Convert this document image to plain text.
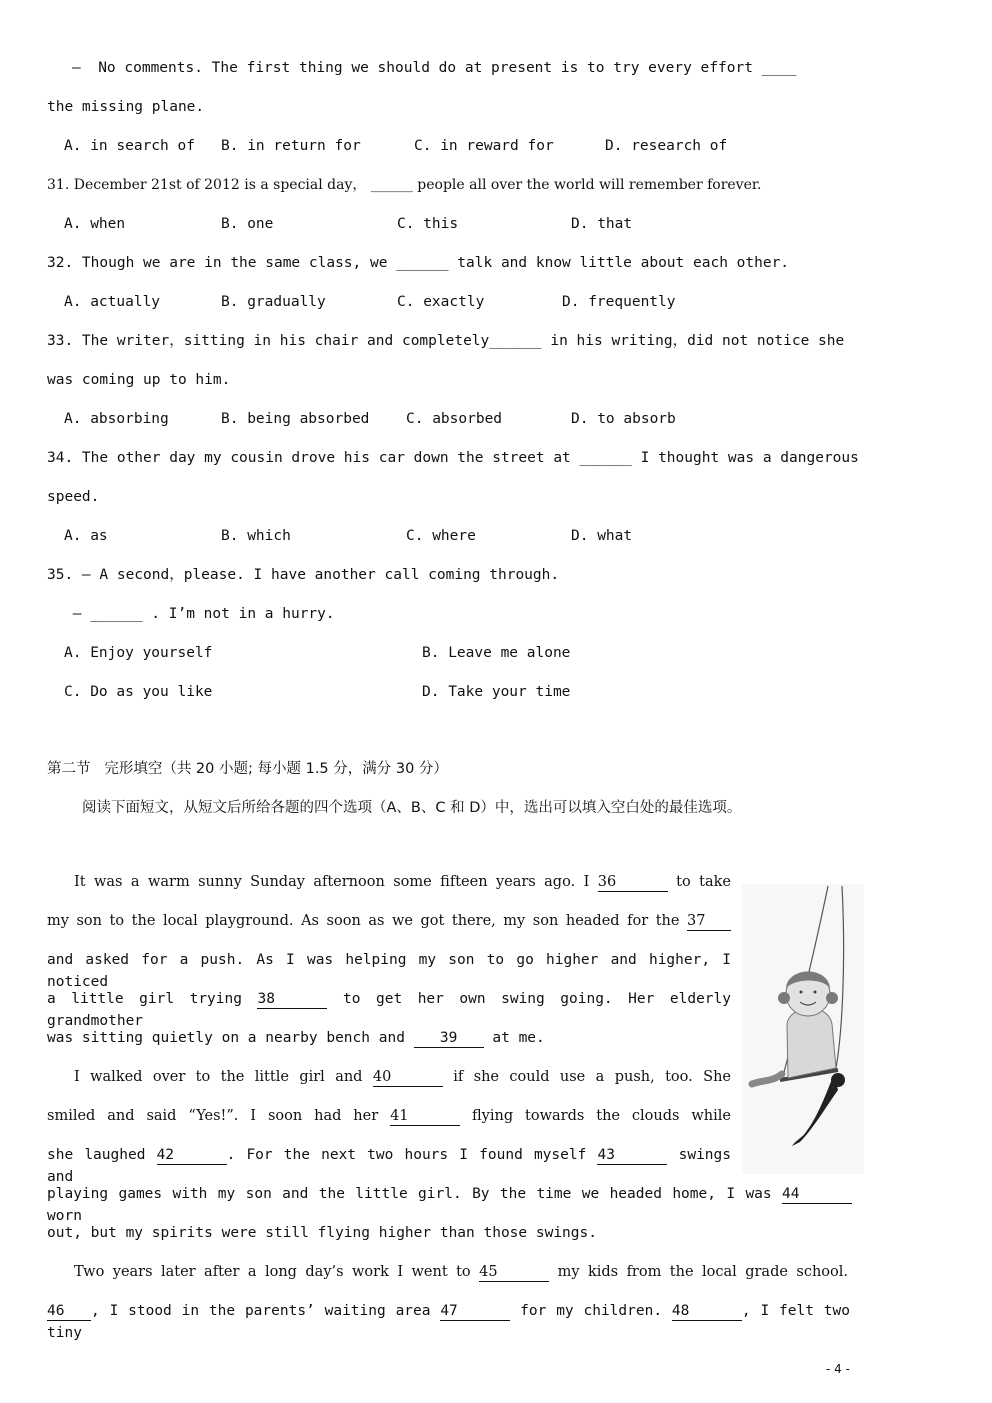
—  No comments. The first thing we should do at present is to try every effort ____
the missing plane.
A. in search of B. in return for	C. in reward for	D. research of
31. December 21st of 2012 is a special day， ______ people all over the world will remember forever.
A. when	B. one	C. this	D. that
32. Though we are in the same class, we ______ talk and know little about each other.
A. actually	B. gradually	C. exactly	D. frequently
33. The writer，sitting in his chair and completely______ in his writing，did not notice she
was coming up to him.
A. absorbing	B. being absorbed	C. absorbed	D. to absorb
34. The other day my cousin drove his car down the street at ______ I thought was a dangerous
speed.
A. as	B. which	C. where	D. what
35. — A second，please. I have another call coming through.
— ______ . I’m not in a hurry.
A. Enjoy yourself	B. Leave me alone
C. Do as you like	D. Take your time
第二节   完形填空（共 20 小题; 每小题 1.5 分，满分 30 分）
阅读下面短文，从短文后所给各题的四个选项（A、B、C 和 D）中，选出可以填入空白处的最佳选项。
It was a warm sunny Sunday afternoon some fifteen years ago. I 36	to take
my son to the local playground. As soon as we got there, my son headed for the 37
and asked for a push. As I was helping my son to go higher and higher, I noticed
a little girl trying 38	to get her own swing going. Her elderly grandmother
was sitting quietly on a nearby bench and 39 at me.
I walked over to the little girl and 40	if she could use a push, too. She
smiled and said “Yes!”. I soon had her 41	flying towards the clouds while
she laughed 42	. For the next two hours I found myself 43	swings and
playing games with my son and the little girl. By the time we headed home, I was 44 worn
out, but my spirits were still flying higher than those swings.
Two years later after a long day’s work I went to 45	my kids from the local grade school.
46 , I stood in the parents’ waiting area 47	for my children. 48	, I felt two tiny
- 4 -
